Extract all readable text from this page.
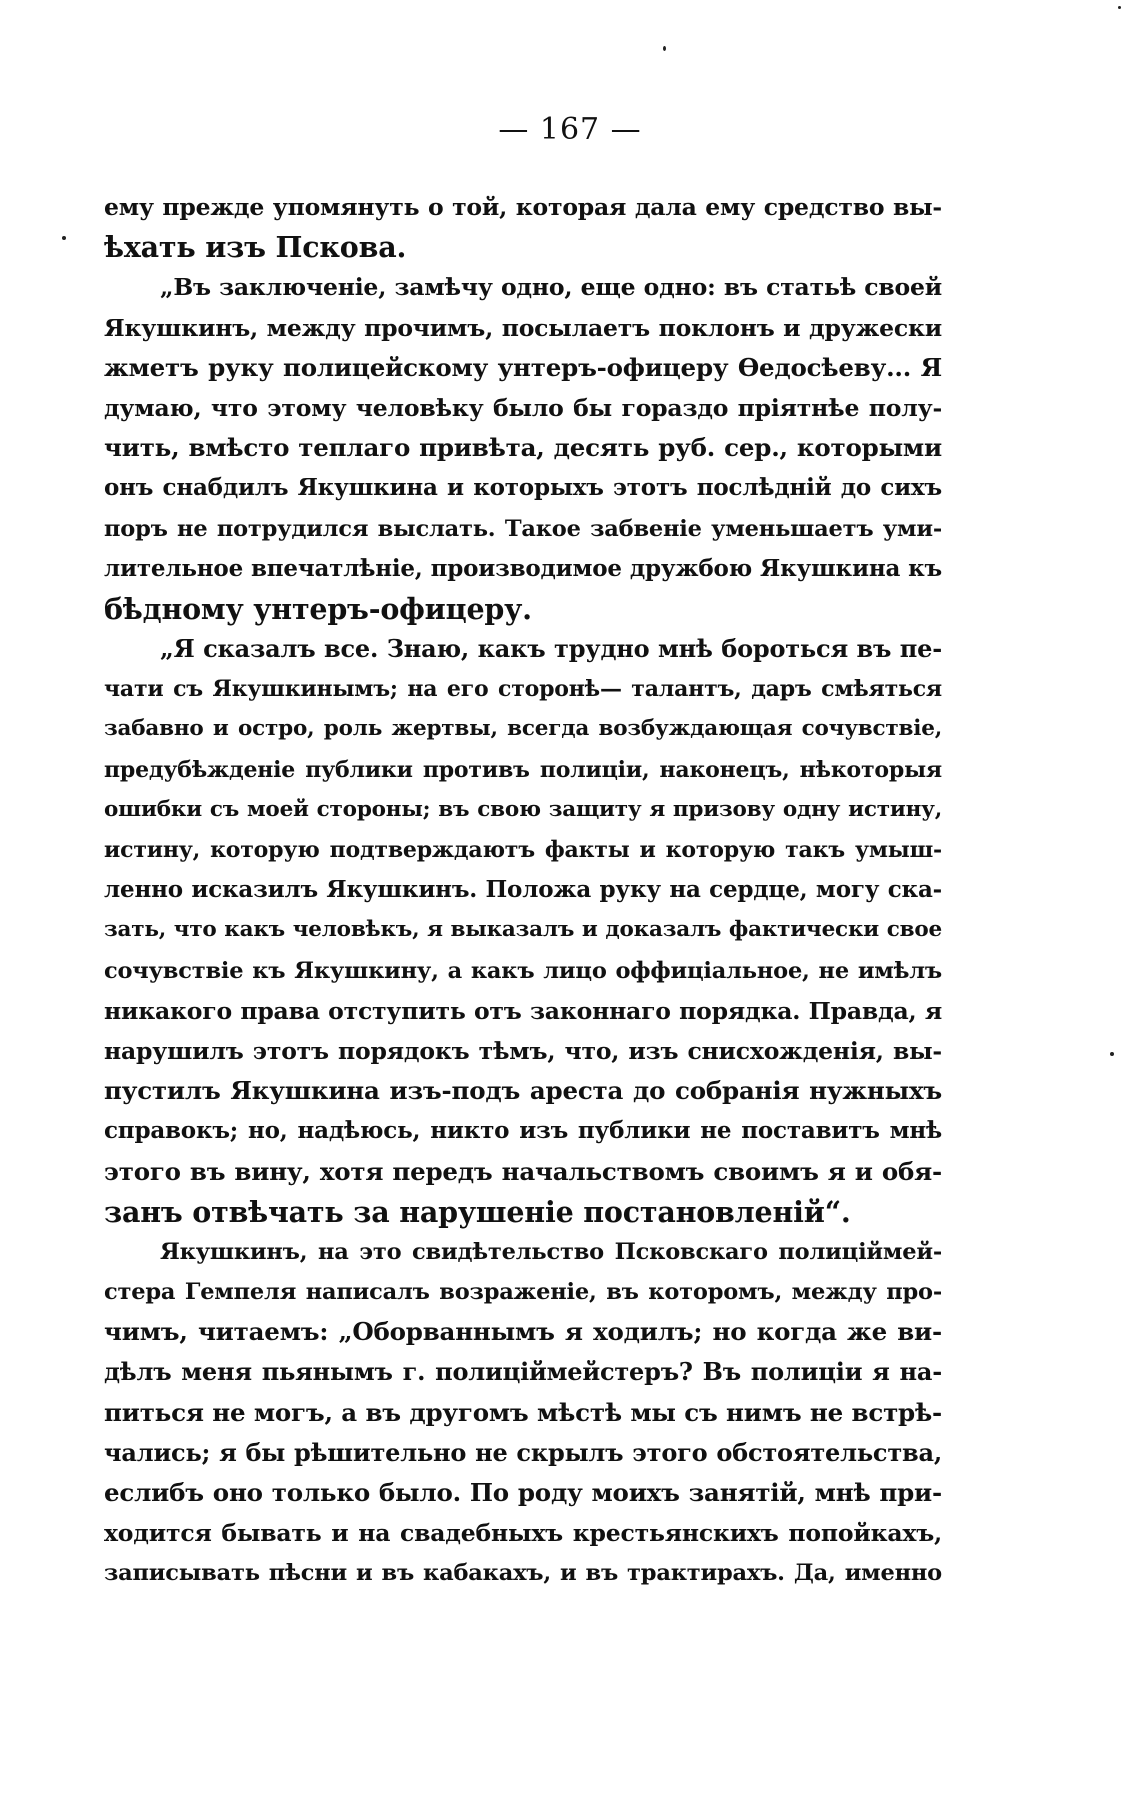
— 167 —
ему прежде упомянуть о той, которая дала ему средство вы-
ѣхать изъ Пскова.
„Въ заключеніе, замѣчу одно, еще одно: въ статьѣ своей
Якушкинъ, между прочимъ, посылаетъ поклонъ и дружески
жметъ руку полицейскому унтеръ-офицеру Ѳедосѣеву... Я
думаю, что этому человѣку было бы гораздо пріятнѣе полу-
чить, вмѣсто теплаго привѣта, десять руб. сер., которыми
онъ снабдилъ Якушкина и которыхъ этотъ послѣдній до сихъ
поръ не потрудился выслать. Такое забвеніе уменьшаетъ уми-
лительное впечатлѣніе, производимое дружбою Якушкина къ
бѣдному унтеръ-офицеру.
„Я сказалъ все. Знаю, какъ трудно мнѣ бороться въ пе-
чати съ Якушкинымъ; на его сторонѣ— талантъ, даръ смѣяться
забавно и остро, роль жертвы, всегда возбуждающая сочувствіе,
предубѣжденіе публики противъ полиціи, наконецъ, нѣкоторыя
ошибки съ моей стороны; въ свою защиту я призову одну истину,
истину, которую подтверждаютъ факты и которую такъ умыш-
ленно исказилъ Якушкинъ. Положа руку на сердце, могу ска-
зать, что какъ человѣкъ, я выказалъ и доказалъ фактически свое
сочувствіе къ Якушкину, а какъ лицо оффиціальное, не имѣлъ
никакого права отступить отъ законнаго порядка. Правда, я
нарушилъ этотъ порядокъ тѣмъ, что, изъ снисхожденія, вы-
пустилъ Якушкина изъ-подъ ареста до собранія нужныхъ
справокъ; но, надѣюсь, никто изъ публики не поставитъ мнѣ
этого въ вину, хотя передъ начальствомъ своимъ я и обя-
занъ отвѣчать за нарушеніе постановленій“.
Якушкинъ, на это свидѣтельство Псковскаго полиціймей-
стера Гемпеля написалъ возраженіе, въ которомъ, между про-
чимъ, читаемъ: „Оборваннымъ я ходилъ; но когда же ви-
дѣлъ меня пьянымъ г. полиціймейстеръ? Въ полиціи я на-
питься не могъ, а въ другомъ мѣстѣ мы съ нимъ не встрѣ-
чались; я бы рѣшительно не скрылъ этого обстоятельства,
еслибъ оно только было. По роду моихъ занятій, мнѣ при-
ходится бывать и на свадебныхъ крестьянскихъ попойкахъ,
записывать пѣсни и въ кабакахъ, и въ трактирахъ. Да, именно
